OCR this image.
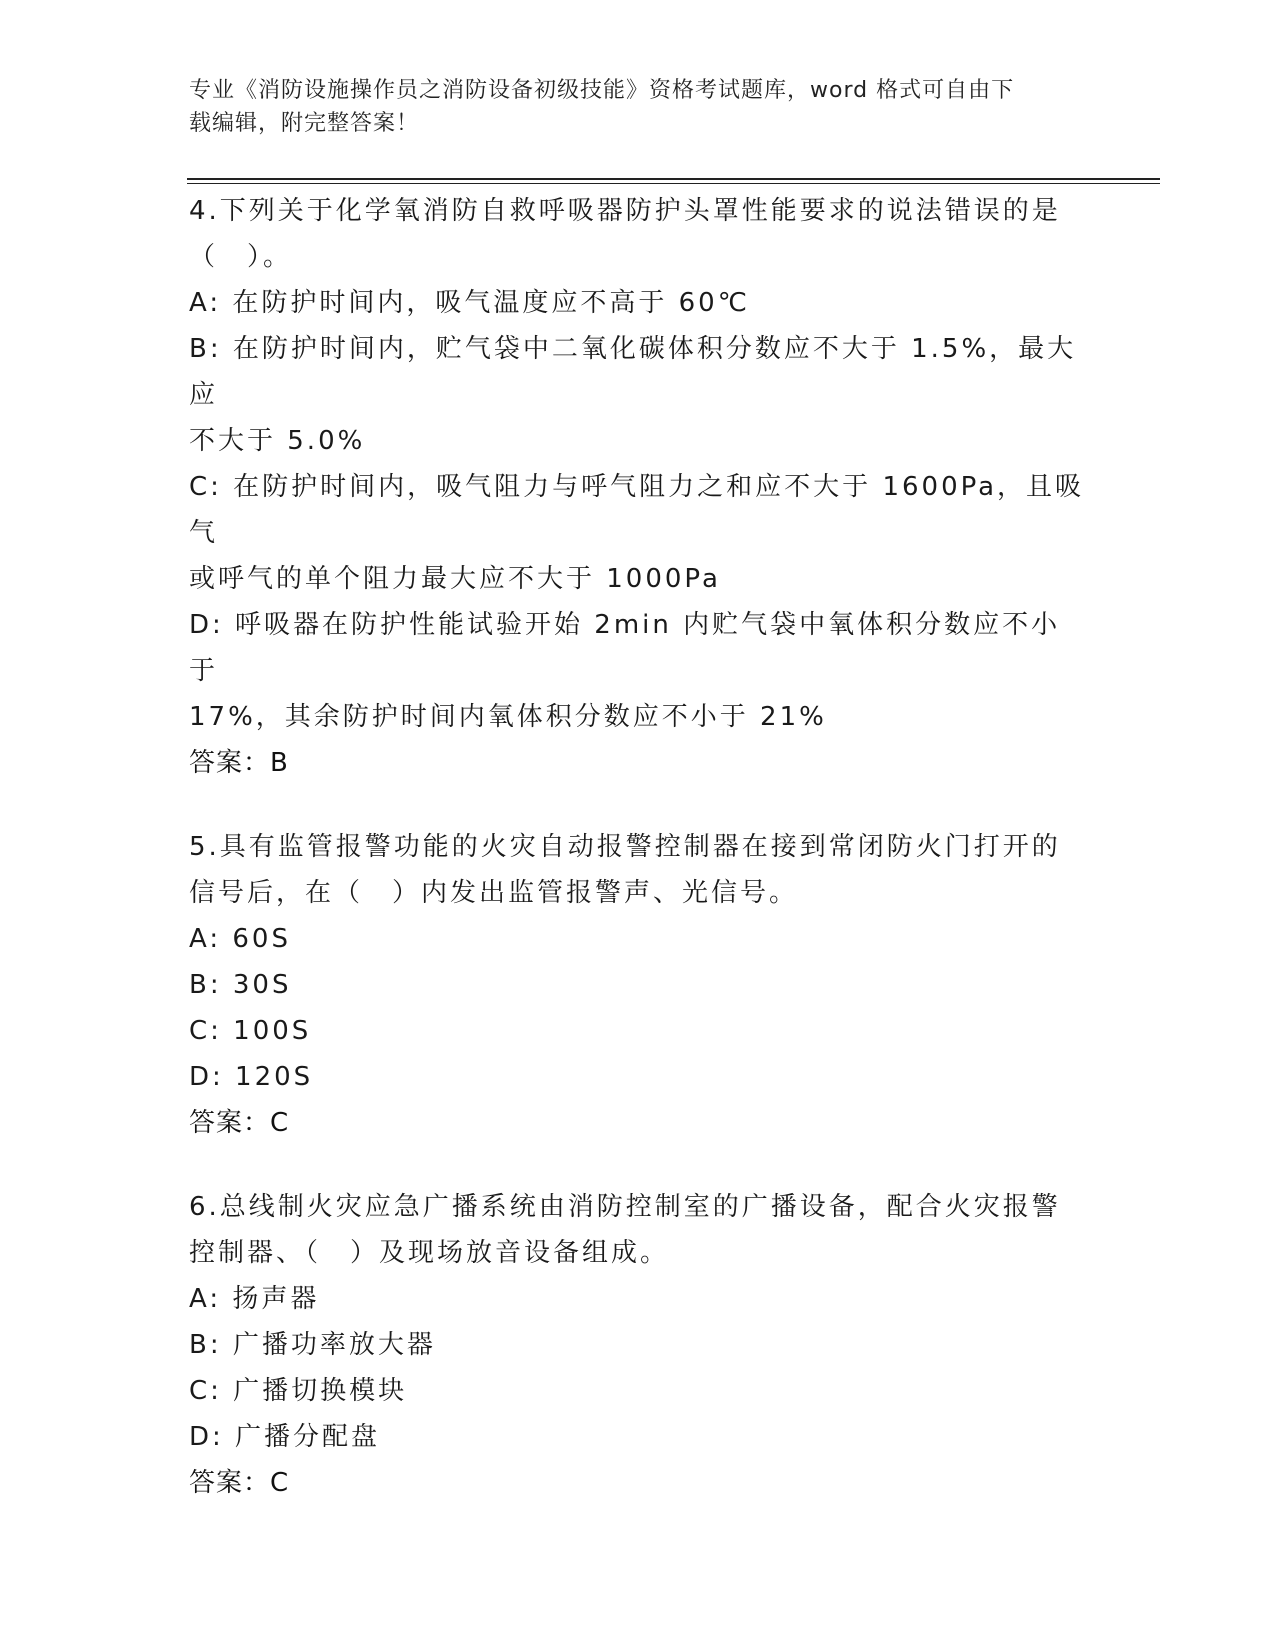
专业《消防设施操作员之消防设备初级技能》资格考试题库，word 格式可自由下
载编辑，附完整答案！
4.下列关于化学氧消防自救呼吸器防护头罩性能要求的说法错误的是
（　）。
A: 在防护时间内，吸气温度应不高于 60℃
B: 在防护时间内，贮气袋中二氧化碳体积分数应不大于 1.5%，最大应
不大于 5.0%
C: 在防护时间内，吸气阻力与呼气阻力之和应不大于 1600Pa，且吸气
或呼气的单个阻力最大应不大于 1000Pa
D: 呼吸器在防护性能试验开始 2min 内贮气袋中氧体积分数应不小于
17%，其余防护时间内氧体积分数应不小于 21%
答案：B
5.具有监管报警功能的火灾自动报警控制器在接到常闭防火门打开的
信号后，在（　）内发出监管报警声、光信号。
A: 60S
B: 30S
C: 100S
D: 120S
答案：C
6.总线制火灾应急广播系统由消防控制室的广播设备，配合火灾报警
控制器、（　）及现场放音设备组成。
A: 扬声器
B: 广播功率放大器
C: 广播切换模块
D: 广播分配盘
答案：C
